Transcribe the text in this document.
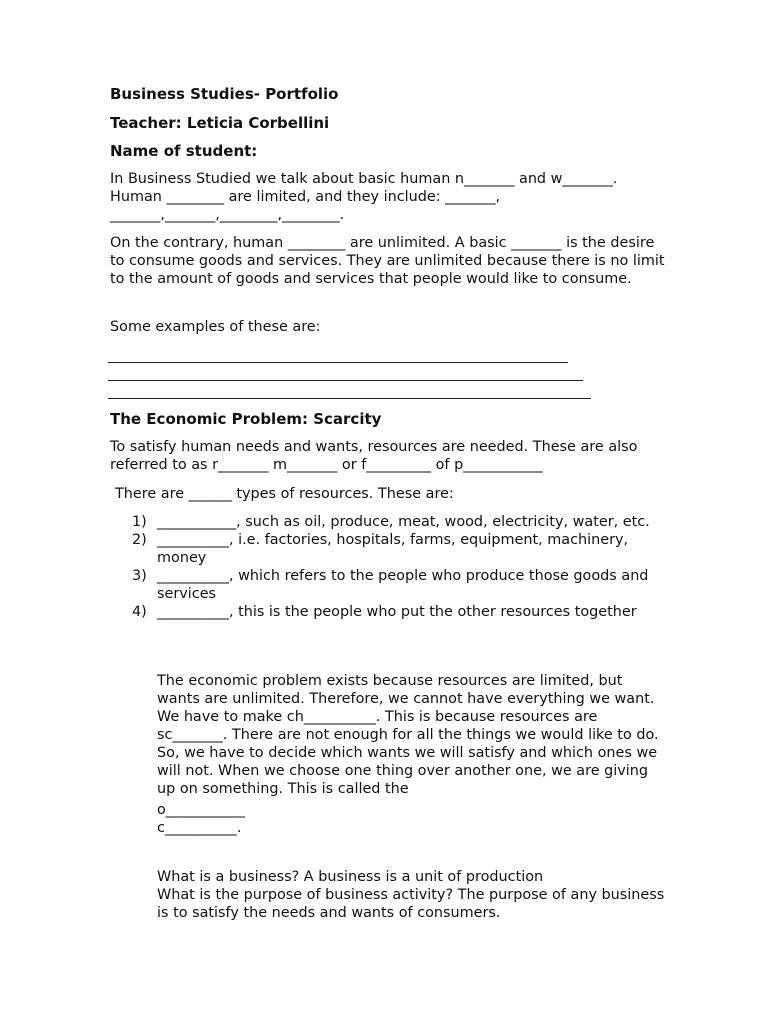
Business Studies- Portfolio
Teacher: Leticia Corbellini
Name of student:

In Business Studied we talk about basic human n_______ and w_______. Human ________ are limited, and they include: _______, _______,_______,________,________.

On the contrary, human ________ are unlimited. A basic _______ is the desire to consume goods and services. They are unlimited because there is no limit to the amount of goods and services that people would like to consume.

Some examples of these are:

The Economic Problem: Scarcity

To satisfy human needs and wants, resources are needed. These are also referred to as r_______ m_______ or f_________ of p___________

There are ______ types of resources. These are:

1) ___________, such as oil, produce, meat, wood, electricity, water, etc.

2) __________, i.e. factories, hospitals, farms, equipment, machinery, money

3) __________, which refers to the people who produce those goods and services

4) __________, this is the people who put the other resources together

The economic problem exists because resources are limited, but wants are unlimited. Therefore, we cannot have everything we want. We have to make ch__________. This is because resources are sc_______. There are not enough for all the things we would like to do. So, we have to decide which wants we will satisfy and which ones we will not. When we choose one thing over another one, we are giving up on something. This is called the

o___________
c__________.
What is a business? A business is a unit of production
What is the purpose of business activity? The purpose of any business is to satisfy the needs and wants of consumers.
